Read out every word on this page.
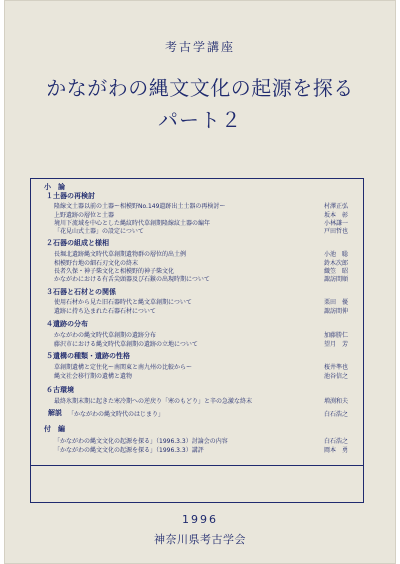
考古学講座
かながわの縄文文化の起源を探る
パート２
小　論
１土器の再検討
隆線文土器以前の土器ー相模野No.149遺跡出土土器の再検討ー	村澤正弘
上野遺跡の層位と土器	坂本　彰
境川下流域を中心とした縄紋時代草創期隆線紋土器の編年	小林謙一
「花見山式土器」の設定について	戸田哲也
２石器の組成と様相
長堀北遺跡縄文時代草創期遺物群の層位的出土例	小池　聡
相模野台地の細石刃文化の終末	鈴木次郎
長者久保・神子柴文化と相模野的神子柴文化	織笠　昭
かながわにおける有舌尖頭器及び石鏃の出現時期について	諏訪間順
３石器と石材との関係
使用石材から見た旧石器時代と縄文草創期について	栗田　優
遺跡に持ち込まれた石器石材について	諏訪間伸
４遺跡の分布
かながわの縄文時代草創期の遺跡分布	加藤勝仁
藤沢市における縄文時代草創期の遺跡の立地について	望月　芳
５遺構の種類・遺跡の性格
草創期遺構と定住化ー南関東と南九州の比較からー	桜井準也
縄文社会移行期の遺構と遺物	池谷信之
６古環境
最終氷期末期に起きた寒冷期への逆戻り「寒のもどり」と辛の急激な終末	増渕和夫
解説 「かながわの縄文時代のはじまり」	白石浩之
付　編
「かながわの縄文文化の起源を探る」（1996.3.3）討論会の内容	白石浩之
「かながわの縄文文化の起源を探る」（1996.3.3）講評	岡本　勇
1996
神奈川県考古学会
